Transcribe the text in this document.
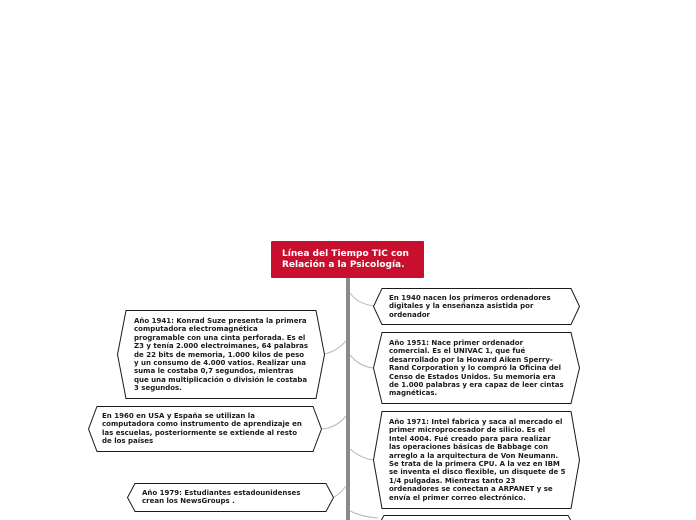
Línea del Tiempo TIC con
Relación a la Psicología.
En 1940 nacen los primeros ordenadores
digitales y la enseñanza asistida por
ordenador
Año 1951: Nace primer ordenador
comercial. Es el UNIVAC 1, que fué
desarrollado por la Howard Aiken Sperry-
Rand Corporation y lo compró la Oficina del
Censo de Estados Unidos. Su memoria era
de 1.000 palabras y era capaz de leer cintas
magnéticas.
Año 1971: Intel fabrica y saca al mercado el
primer microprocesador de silicio. Es el
Intel 4004. Fué creado para para realizar
las operaciones básicas de Babbage con
arreglo a la arquitectura de Von Neumann.
Se trata de la primera CPU. A la vez en IBM
se inventa el disco flexible, un disquete de 5
1/4 pulgadas. Mientras tanto 23
ordenadores se conectan a ARPANET y se
envía el primer correo electrónico.
Año 1941: Konrad Suze presenta la primera
computadora electromagnética
programable con una cinta perforada. Es el
Z3 y tenía 2.000 electroimanes, 64 palabras
de 22 bits de memoria, 1.000 kilos de peso
y un consumo de 4.000 vatios. Realizar una
suma le costaba 0,7 segundos, mientras
que una multiplicación o división le costaba
3 segundos.
En 1960 en USA y España se utilizan la
computadora como instrumento de aprendizaje en
las escuelas, posteriormente se extiende al resto
de los países
Año 1979: Estudiantes estadounidenses
crean los NewsGroups .
